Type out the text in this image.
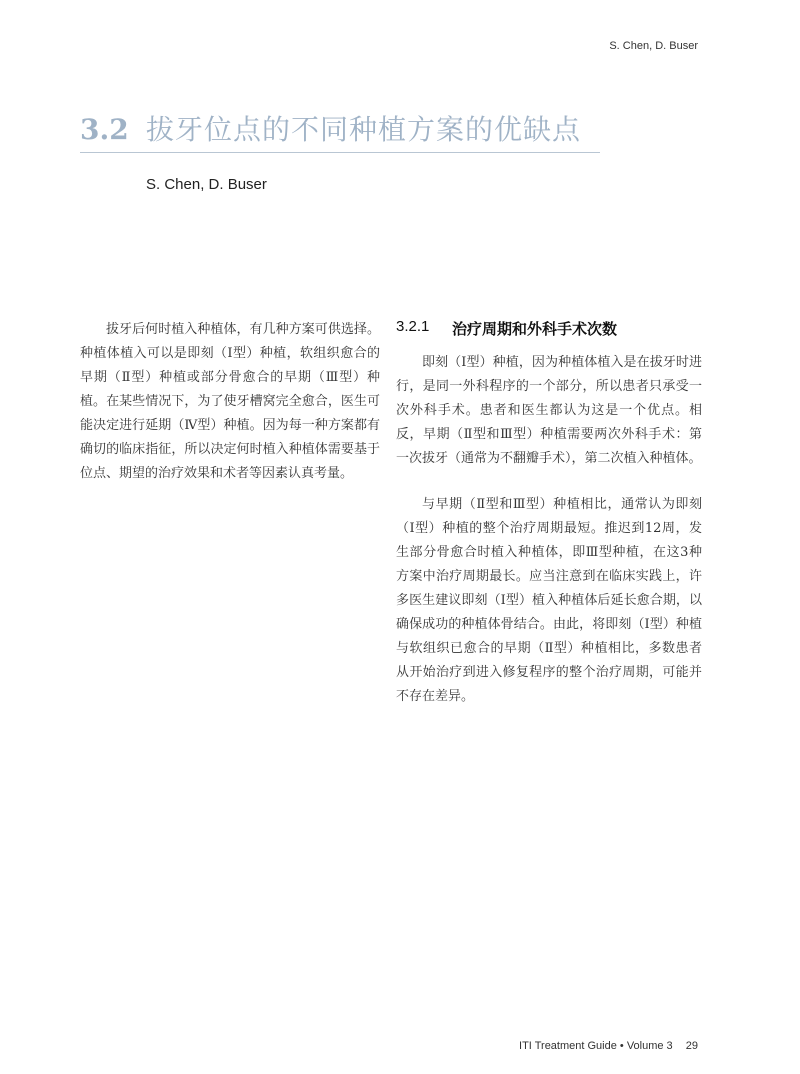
S. Chen, D. Buser
3.2 拔牙位点的不同种植方案的优缺点
S. Chen, D. Buser
拔牙后何时植入种植体，有几种方案可供选择。种植体植入可以是即刻（Ⅰ型）种植，软组织愈合的早期（Ⅱ型）种植或部分骨愈合的早期（Ⅲ型）种植。在某些情况下，为了使牙槽窝完全愈合，医生可能决定进行延期（Ⅳ型）种植。因为每一种方案都有确切的临床指征，所以决定何时植入种植体需要基于位点、期望的治疗效果和术者等因素认真考量。
3.2.1	治疗周期和外科手术次数

即刻（Ⅰ型）种植，因为种植体植入是在拔牙时进行，是同一外科程序的一个部分，所以患者只承受一次外科手术。患者和医生都认为这是一个优点。相反，早期（Ⅱ型和Ⅲ型）种植需要两次外科手术：第一次拔牙（通常为不翻瓣手术），第二次植入种植体。

与早期（Ⅱ型和Ⅲ型）种植相比，通常认为即刻（Ⅰ型）种植的整个治疗周期最短。推迟到12周，发生部分骨愈合时植入种植体，即Ⅲ型种植，在这3种方案中治疗周期最长。应当注意到在临床实践上，许多医生建议即刻（Ⅰ型）植入种植体后延长愈合期，以确保成功的种植体骨结合。由此，将即刻（Ⅰ型）种植与软组织已愈合的早期（Ⅱ型）种植相比，多数患者从开始治疗到进入修复程序的整个治疗周期，可能并不存在差异。

ITI Treatment Guide • Volume 3 29
